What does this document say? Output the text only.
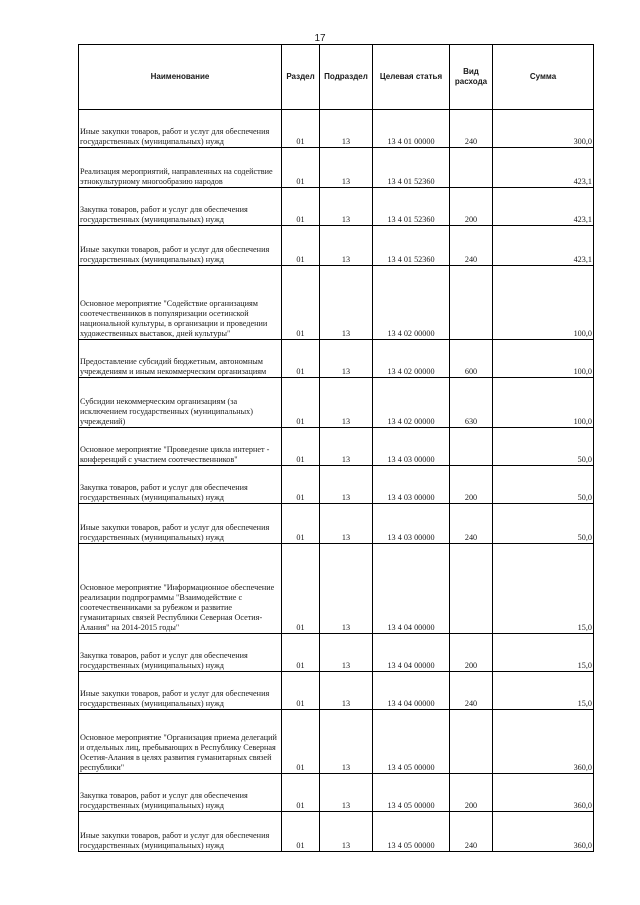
17
Наименование	Раздел	Подраздел	Целевая статья	Вид расхода	Сумма
Иные закупки товаров, работ и услуг для обеспечения государственных (муниципальных) нужд	01	13	13 4 01 00000	240	300,0
Реализация мероприятий, направленных на содействие этнокультурному многообразию народов	01	13	13 4 01 52360		423,1
Закупка товаров, работ и услуг для обеспечения государственных (муниципальных) нужд	01	13	13 4 01 52360	200	423,1
Иные закупки товаров, работ и услуг для обеспечения государственных (муниципальных) нужд	01	13	13 4 01 52360	240	423,1
Основное мероприятие "Содействие организациям соотечественников в популяризации осетинской национальной культуры, в организации и проведении художественных выставок, дней культуры"	01	13	13 4 02 00000		100,0
Предоставление субсидий бюджетным, автономным учреждениям и иным некоммерческим организациям	01	13	13 4 02 00000	600	100,0
Субсидии некоммерческим организациям (за исключением государственных (муниципальных) учреждений)	01	13	13 4 02 00000	630	100,0
Основное мероприятие "Проведение цикла интернет - конференций с участием соотечественников"	01	13	13 4 03 00000		50,0
Закупка товаров, работ и услуг для обеспечения государственных (муниципальных) нужд	01	13	13 4 03 00000	200	50,0
Иные закупки товаров, работ и услуг для обеспечения государственных (муниципальных) нужд	01	13	13 4 03 00000	240	50,0
Основное мероприятие "Информационное обеспечение реализации подпрограммы "Взаимодействие с соотечественниками за рубежом и развитие гуманитарных связей Республики Северная Осетия-Алания" на 2014-2015 годы"	01	13	13 4 04 00000		15,0
Закупка товаров, работ и услуг для обеспечения государственных (муниципальных) нужд	01	13	13 4 04 00000	200	15,0
Иные закупки товаров, работ и услуг для обеспечения государственных (муниципальных) нужд	01	13	13 4 04 00000	240	15,0
Основное мероприятие "Организация приема делегаций и отдельных лиц, пребывающих в Республику Северная Осетия-Алания в целях развития гуманитарных связей республики"	01	13	13 4 05 00000		360,0
Закупка товаров, работ и услуг для обеспечения государственных (муниципальных) нужд	01	13	13 4 05 00000	200	360,0
Иные закупки товаров, работ и услуг для обеспечения государственных (муниципальных) нужд	01	13	13 4 05 00000	240	360,0
